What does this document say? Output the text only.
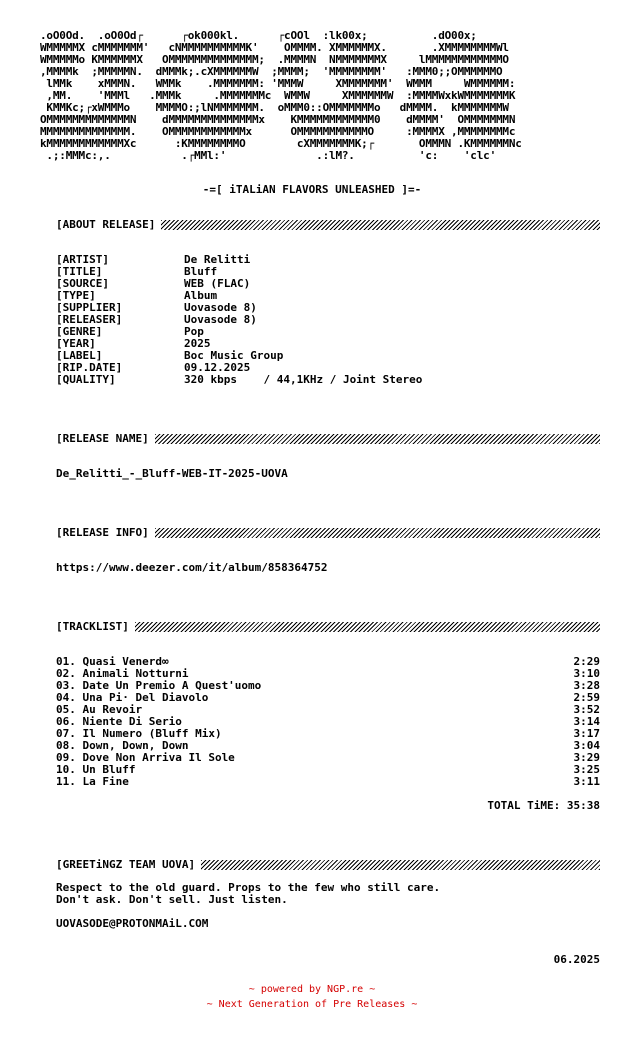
.oO0Od.  .oO0Od┌      ┌ok000kl.      ┌cOOl  :lk00x;          .dO00x;
WMMMMMX cMMMMMMM'   cNMMMMMMMMMMK'    OMMMM. XMMMMMMX.       .XMMMMMMMMWl
WMMMMMo KMMMMMMX   OMMMMMMMMMMMMMM;  .MMMMN  NMMMMMMMX     lMMMMMMMMMMMMO
,MMMMk  ;MMMMMN.  dMMMk;.cXMMMMMMW  ;MMMM;  'MMMMMMMM'   :MMM0;;OMMMMMMO
lMMk    xMMMN.   WMMk    .MMMMMMM: 'MMMW     XMMMMMMM'  WMMM     WMMMMMM:
,MM.    'MMMl   .MMMk     .MMMMMMMc  WMMW     XMMMMMMW  :MMMMWxkWMMMMMMMK
KMMKc;┌xWMMMo    MMMMO:;lNMMMMMMM.  oMMM0::OMMMMMMMo   dMMMM.  kMMMMMMMW
OMMMMMMMMMMMMMN    dMMMMMMMMMMMMMMx    KMMMMMMMMMMMM0    dMMMM'  OMMMMMMMN
MMMMMMMMMMMMMM.    OMMMMMMMMMMMMx      OMMMMMMMMMMMO     :MMMMX ,MMMMMMMMc
kMMMMMMMMMMMMXc      :KMMMMMMMMO        cXMMMMMMMK;┌       OMMMN .KMMMMMMNc
.;:MMMc:,.           .┌MMl:'              .:lM?.          'c:    'clc'
-=[ iTALiAN FLAVORS UNLEASHED ]=-
[ABOUT RELEASE]
[ARTIST]	De Relitti
[TITLE]	Bluff
[SOURCE]	WEB (FLAC)
[TYPE]	Album
[SUPPLIER]	Uovasode 8)
[RELEASER]	Uovasode 8)
[GENRE]	Pop
[YEAR]	2025
[LABEL]	Boc Music Group
[RIP.DATE]	09.12.2025
[QUALITY]	320 kbps    / 44,1KHz / Joint Stereo
[RELEASE NAME]
De_Relitti_-_Bluff-WEB-IT-2025-UOVA
[RELEASE INFO]
https://www.deezer.com/it/album/858364752
[TRACKLIST]
01. Quasi Venerd∞	2:29
02. Animali Notturni	3:10
03. Date Un Premio A Quest'uomo	3:28
04. Una Pi· Del Diavolo	2:59
05. Au Revoir	3:52
06. Niente Di Serio	3:14
07. Il Numero (Bluff Mix)	3:17
08. Down, Down, Down	3:04
09. Dove Non Arriva Il Sole	3:29
10. Un Bluff	3:25
11. La Fine	3:11
TOTAL TiME: 35:38
[GREETiNGZ TEAM UOVA]
Respect to the old guard. Props to the few who still care.
Don't ask. Don't sell. Just listen.
UOVASODE@PROTONMAiL.COM
06.2025
~ powered by NGP.re ~
~ Next Generation of Pre Releases ~
